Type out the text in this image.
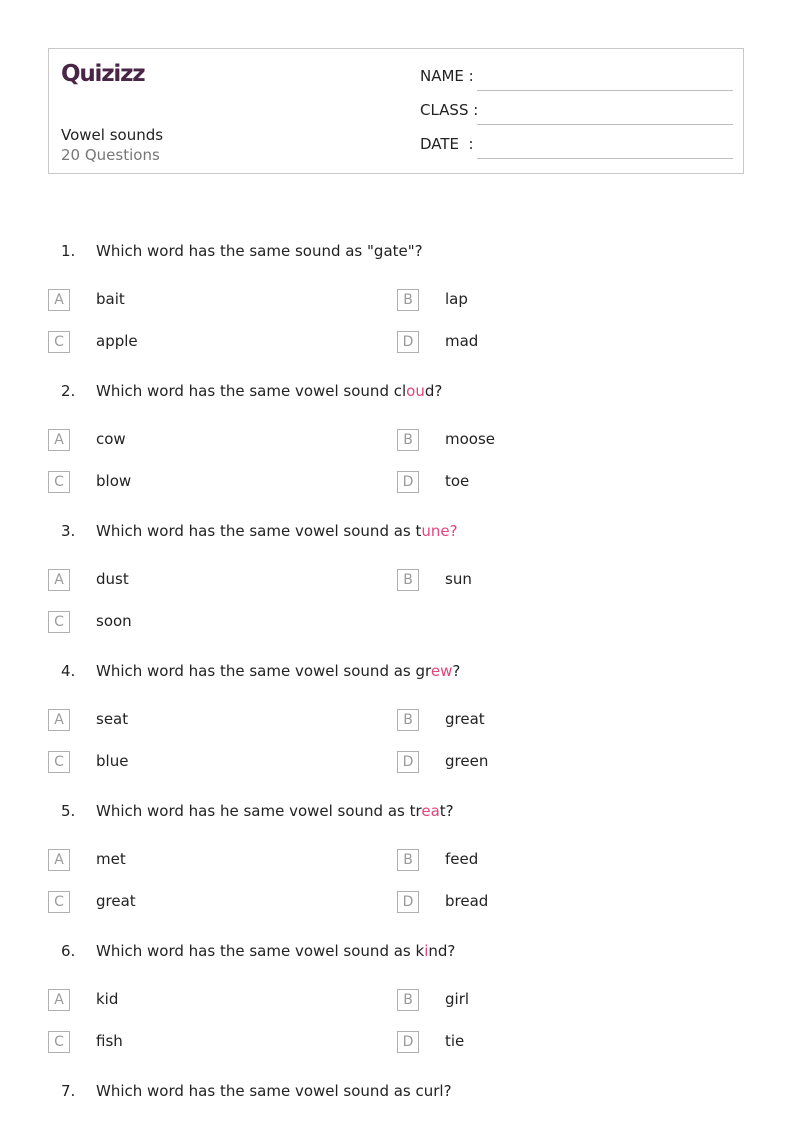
Quizizz
Vowel sounds
20 Questions
NAME :
CLASS :
DATE  :
1. Which word has the same sound as "gate"?
A	bait	B	lap
C	apple	D	mad
2. Which word has the same vowel sound cloud?
A	cow	B	moose
C	blow	D	toe
3. Which word has the same vowel sound as tune?
A	dust	B	sun
C	soon
4. Which word has the same vowel sound as grew?
A	seat	B	great
C	blue	D	green
5. Which word has he same vowel sound as treat?
A	met	B	feed
C	great	D	bread
6. Which word has the same vowel sound as kind?
A	kid	B	girl
C	fish	D	tie
7. Which word has the same vowel sound as curl?
